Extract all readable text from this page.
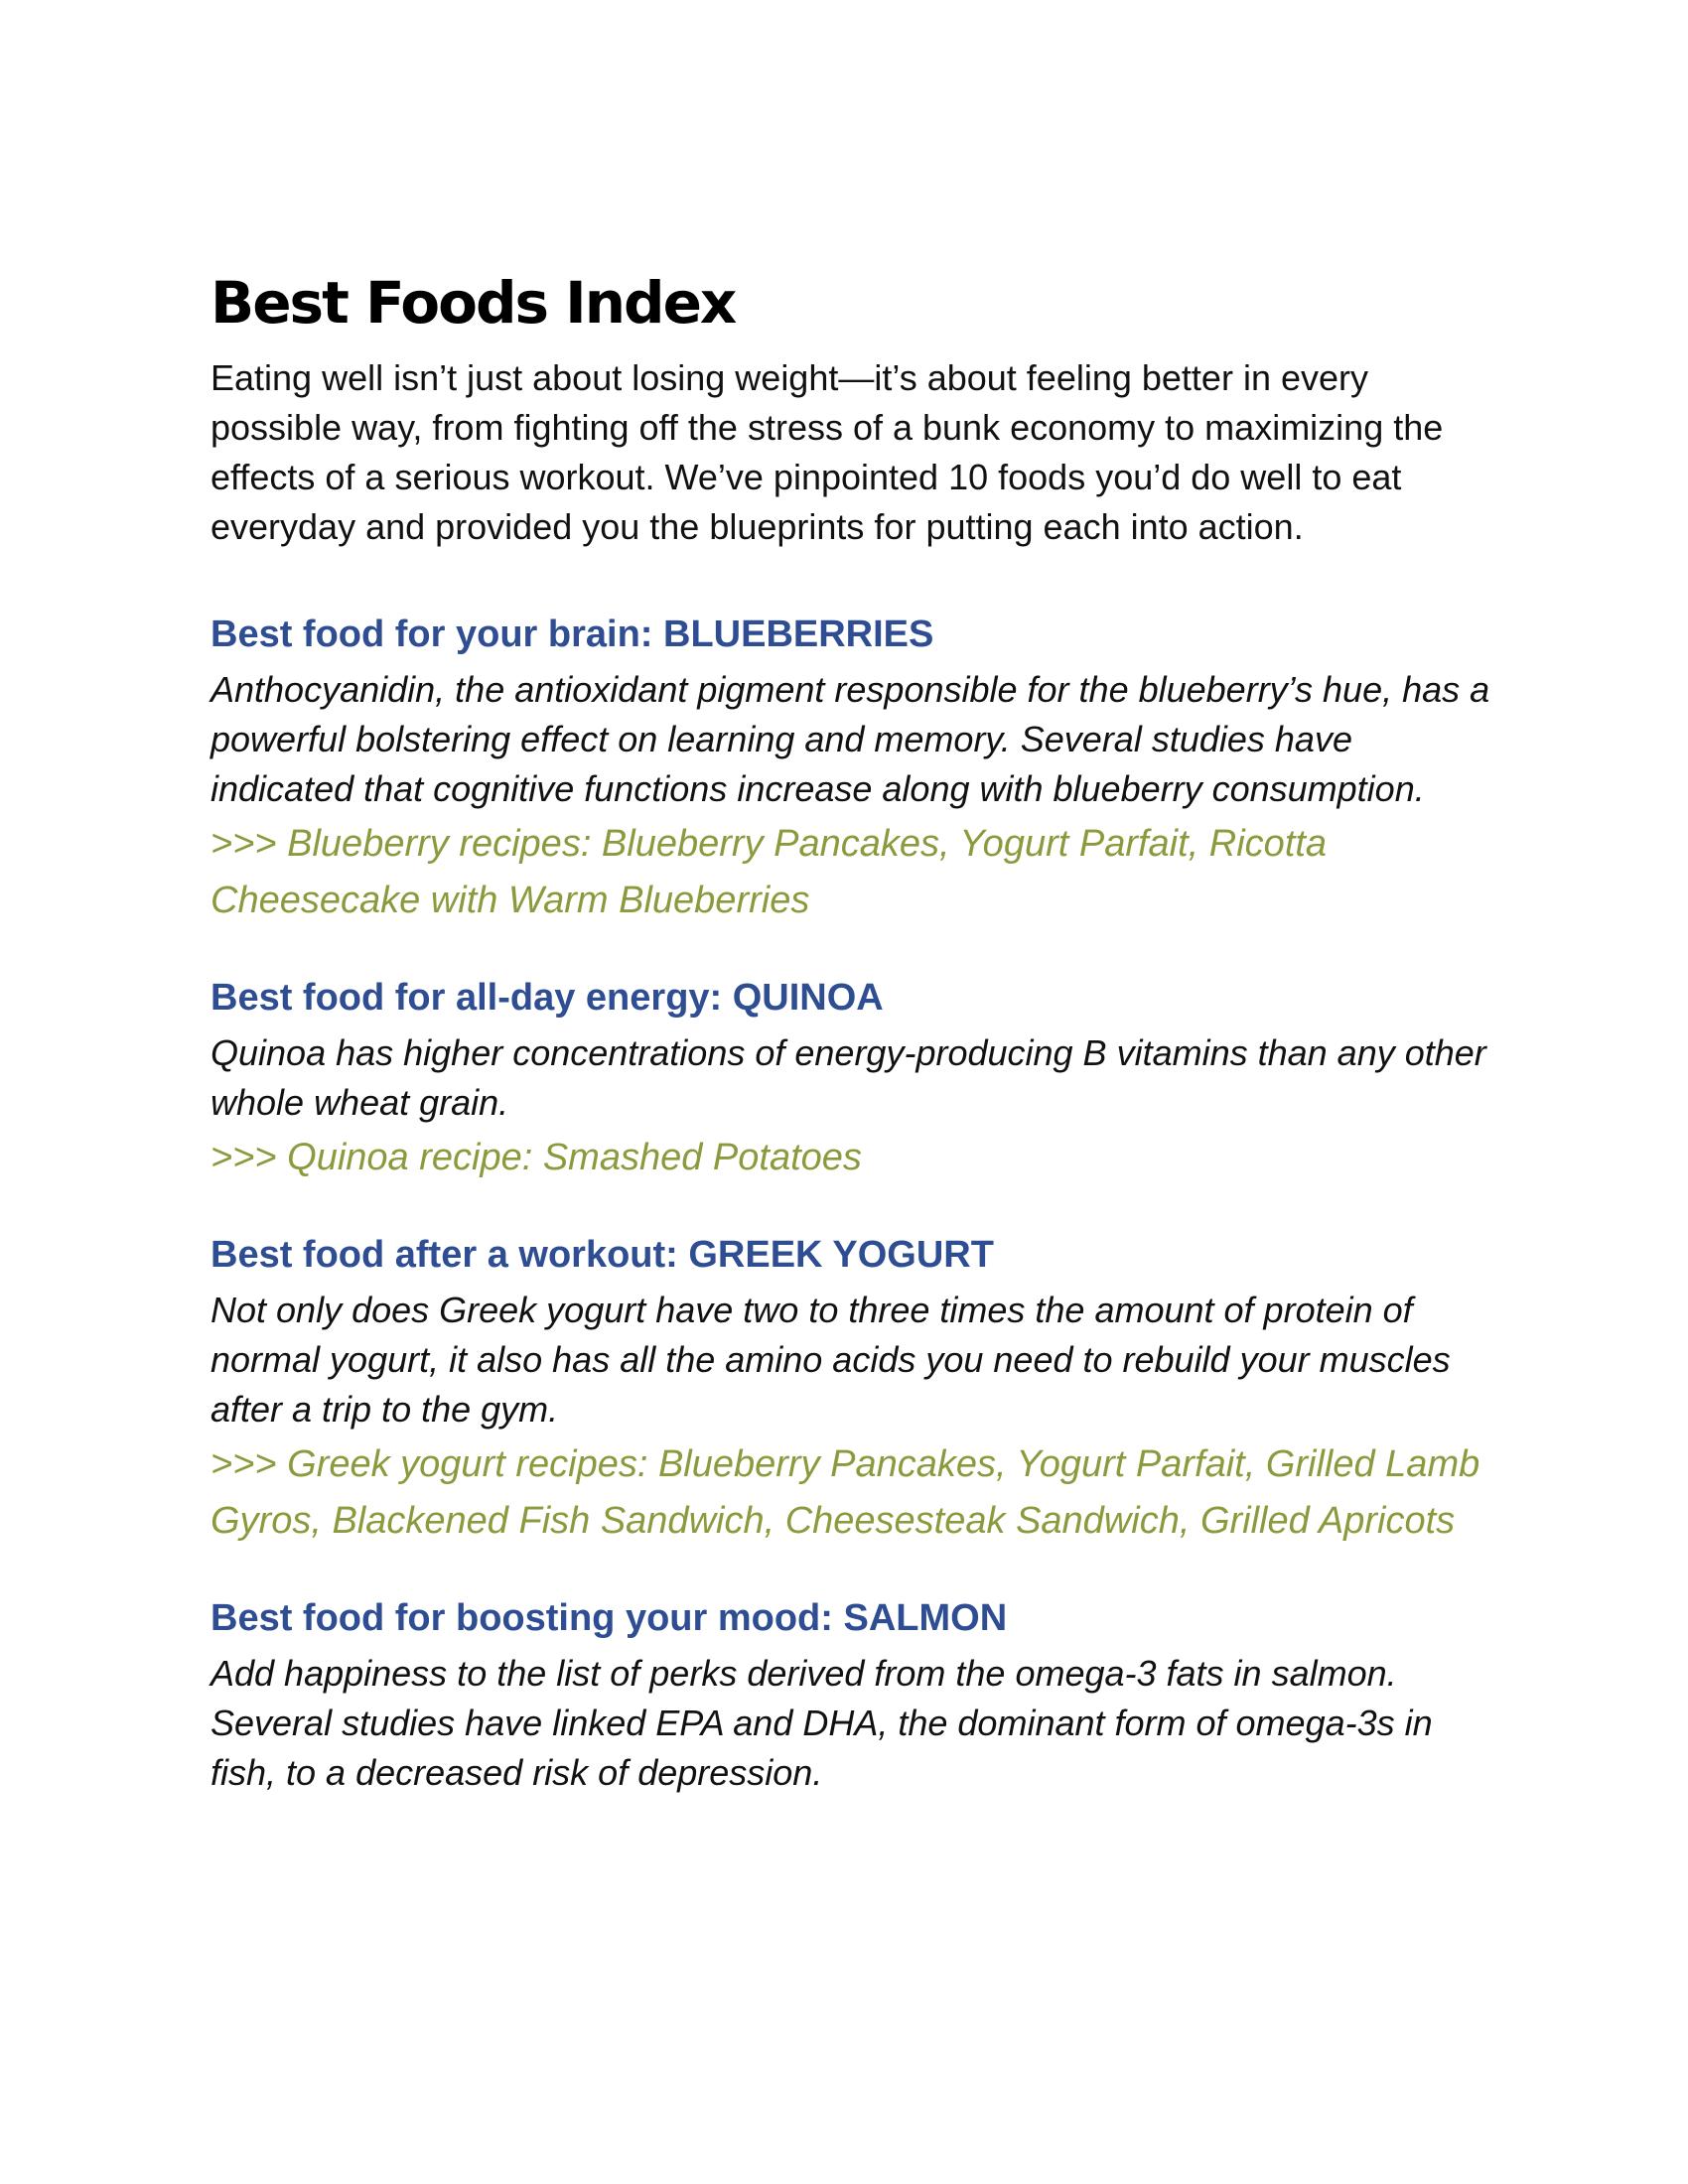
Best Foods Index

Eating well isn’t just about losing weight—it’s about feeling better in every possible way, from fighting off the stress of a bunk economy to maximizing the effects of a serious workout. We’ve pinpointed 10 foods you’d do well to eat everyday and provided you the blueprints for putting each into action.

Best food for your brain: BLUEBERRIES

Anthocyanidin, the antioxidant pigment responsible for the blueberry’s hue, has a powerful bolstering effect on learning and memory. Several studies have indicated that cognitive functions increase along with blueberry consumption.

>>> Blueberry recipes: Blueberry Pancakes, Yogurt Parfait, Ricotta Cheesecake with Warm Blueberries

Best food for all-day energy: QUINOA

Quinoa has higher concentrations of energy-producing B vitamins than any other whole wheat grain.

>>> Quinoa recipe: Smashed Potatoes

Best food after a workout: GREEK YOGURT

Not only does Greek yogurt have two to three times the amount of protein of normal yogurt, it also has all the amino acids you need to rebuild your muscles after a trip to the gym.

>>> Greek yogurt recipes: Blueberry Pancakes, Yogurt Parfait, Grilled Lamb Gyros, Blackened Fish Sandwich, Cheesesteak Sandwich, Grilled Apricots

Best food for boosting your mood: SALMON

Add happiness to the list of perks derived from the omega-3 fats in salmon. Several studies have linked EPA and DHA, the dominant form of omega-3s in fish, to a decreased risk of depression.
